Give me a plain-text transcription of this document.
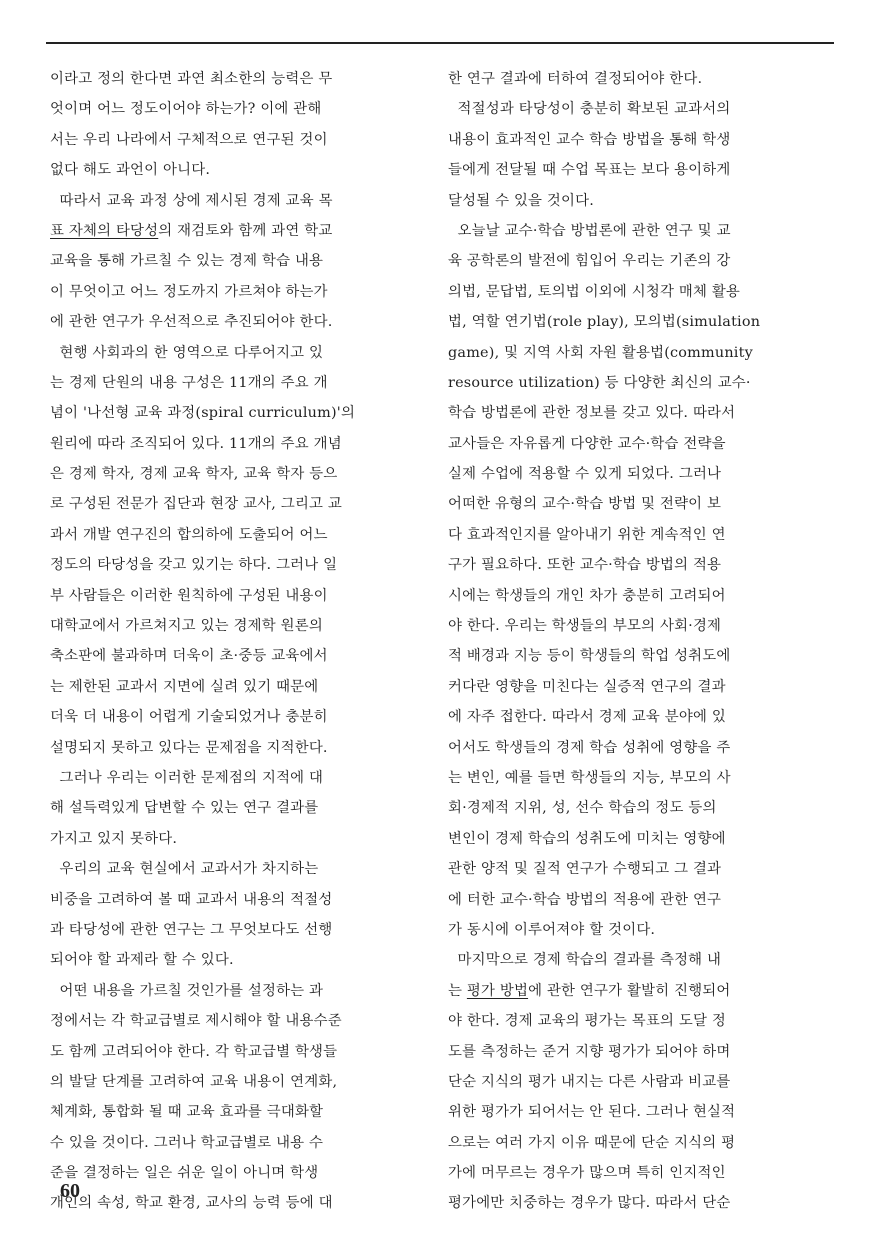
이라고 정의 한다면 과연 최소한의 능력은 무
엇이며 어느 정도이어야 하는가? 이에 관해
서는 우리 나라에서 구체적으로 연구된 것이
없다 해도 과언이 아니다.
따라서 교육 과정 상에 제시된 경제 교육 목
표 자체의 타당성의 재검토와 함께 과연 학교
교육을 통해 가르칠 수 있는 경제 학습 내용
이 무엇이고 어느 정도까지 가르쳐야 하는가
에 관한 연구가 우선적으로 추진되어야 한다.
현행 사회과의 한 영역으로 다루어지고 있
는 경제 단원의 내용 구성은 11개의 주요 개
념이 '나선형 교육 과정(spiral curriculum)'의
원리에 따라 조직되어 있다. 11개의 주요 개념
은 경제 학자, 경제 교육 학자, 교육 학자 등으
로 구성된 전문가 집단과 현장 교사, 그리고 교
과서 개발 연구진의 합의하에 도출되어 어느
정도의 타당성을 갖고 있기는 하다. 그러나 일
부 사람들은 이러한 원칙하에 구성된 내용이
대학교에서 가르쳐지고 있는 경제학 원론의
축소판에 불과하며 더욱이 초·중등 교육에서
는 제한된 교과서 지면에 실려 있기 때문에
더욱 더 내용이 어렵게 기술되었거나 충분히
설명되지 못하고 있다는 문제점을 지적한다.
그러나 우리는 이러한 문제점의 지적에 대
해 설득력있게 답변할 수 있는 연구 결과를
가지고 있지 못하다.
우리의 교육 현실에서 교과서가 차지하는
비중을 고려하여 볼 때 교과서 내용의 적절성
과 타당성에 관한 연구는 그 무엇보다도 선행
되어야 할 과제라 할 수 있다.
어떤 내용을 가르칠 것인가를 설정하는 과
정에서는 각 학교급별로 제시해야 할 내용수준
도 함께 고려되어야 한다. 각 학교급별 학생들
의 발달 단계를 고려하여 교육 내용이 연계화,
체계화, 통합화 될 때 교육 효과를 극대화할
수 있을 것이다. 그러나 학교급별로 내용 수
준을 결정하는 일은 쉬운 일이 아니며 학생
개인의 속성, 학교 환경, 교사의 능력 등에 대
한 연구 결과에 터하여 결정되어야 한다.
적절성과 타당성이 충분히 확보된 교과서의
내용이 효과적인 교수 학습 방법을 통해 학생
들에게 전달될 때 수업 목표는 보다 용이하게
달성될 수 있을 것이다.
오늘날 교수·학습 방법론에 관한 연구 및 교
육 공학론의 발전에 힘입어 우리는 기존의 강
의법, 문답법, 토의법 이외에 시청각 매체 활용
법, 역할 연기법(role play), 모의법(simulation
game), 및 지역 사회 자원 활용법(community
resource utilization) 등 다양한 최신의 교수·
학습 방법론에 관한 정보를 갖고 있다. 따라서
교사들은 자유롭게 다양한 교수·학습 전략을
실제 수업에 적용할 수 있게 되었다. 그러나
어떠한 유형의 교수·학습 방법 및 전략이 보
다 효과적인지를 알아내기 위한 계속적인 연
구가 필요하다. 또한 교수·학습 방법의 적용
시에는 학생들의 개인 차가 충분히 고려되어
야 한다. 우리는 학생들의 부모의 사회·경제
적 배경과 지능 등이 학생들의 학업 성취도에
커다란 영향을 미친다는 실증적 연구의 결과
에 자주 접한다. 따라서 경제 교육 분야에 있
어서도 학생들의 경제 학습 성취에 영향을 주
는 변인, 예를 들면 학생들의 지능, 부모의 사
회·경제적 지위, 성, 선수 학습의 정도 등의
변인이 경제 학습의 성취도에 미치는 영향에
관한 양적 및 질적 연구가 수행되고 그 결과
에 터한 교수·학습 방법의 적용에 관한 연구
가 동시에 이루어져야 할 것이다.
마지막으로 경제 학습의 결과를 측정해 내
는 평가 방법에 관한 연구가 활발히 진행되어
야 한다. 경제 교육의 평가는 목표의 도달 정
도를 측정하는 준거 지향 평가가 되어야 하며
단순 지식의 평가 내지는 다른 사람과 비교를
위한 평가가 되어서는 안 된다. 그러나 현실적
으로는 여러 가지 이유 때문에 단순 지식의 평
가에 머무르는 경우가 많으며 특히 인지적인
평가에만 치중하는 경우가 많다. 따라서 단순
60
